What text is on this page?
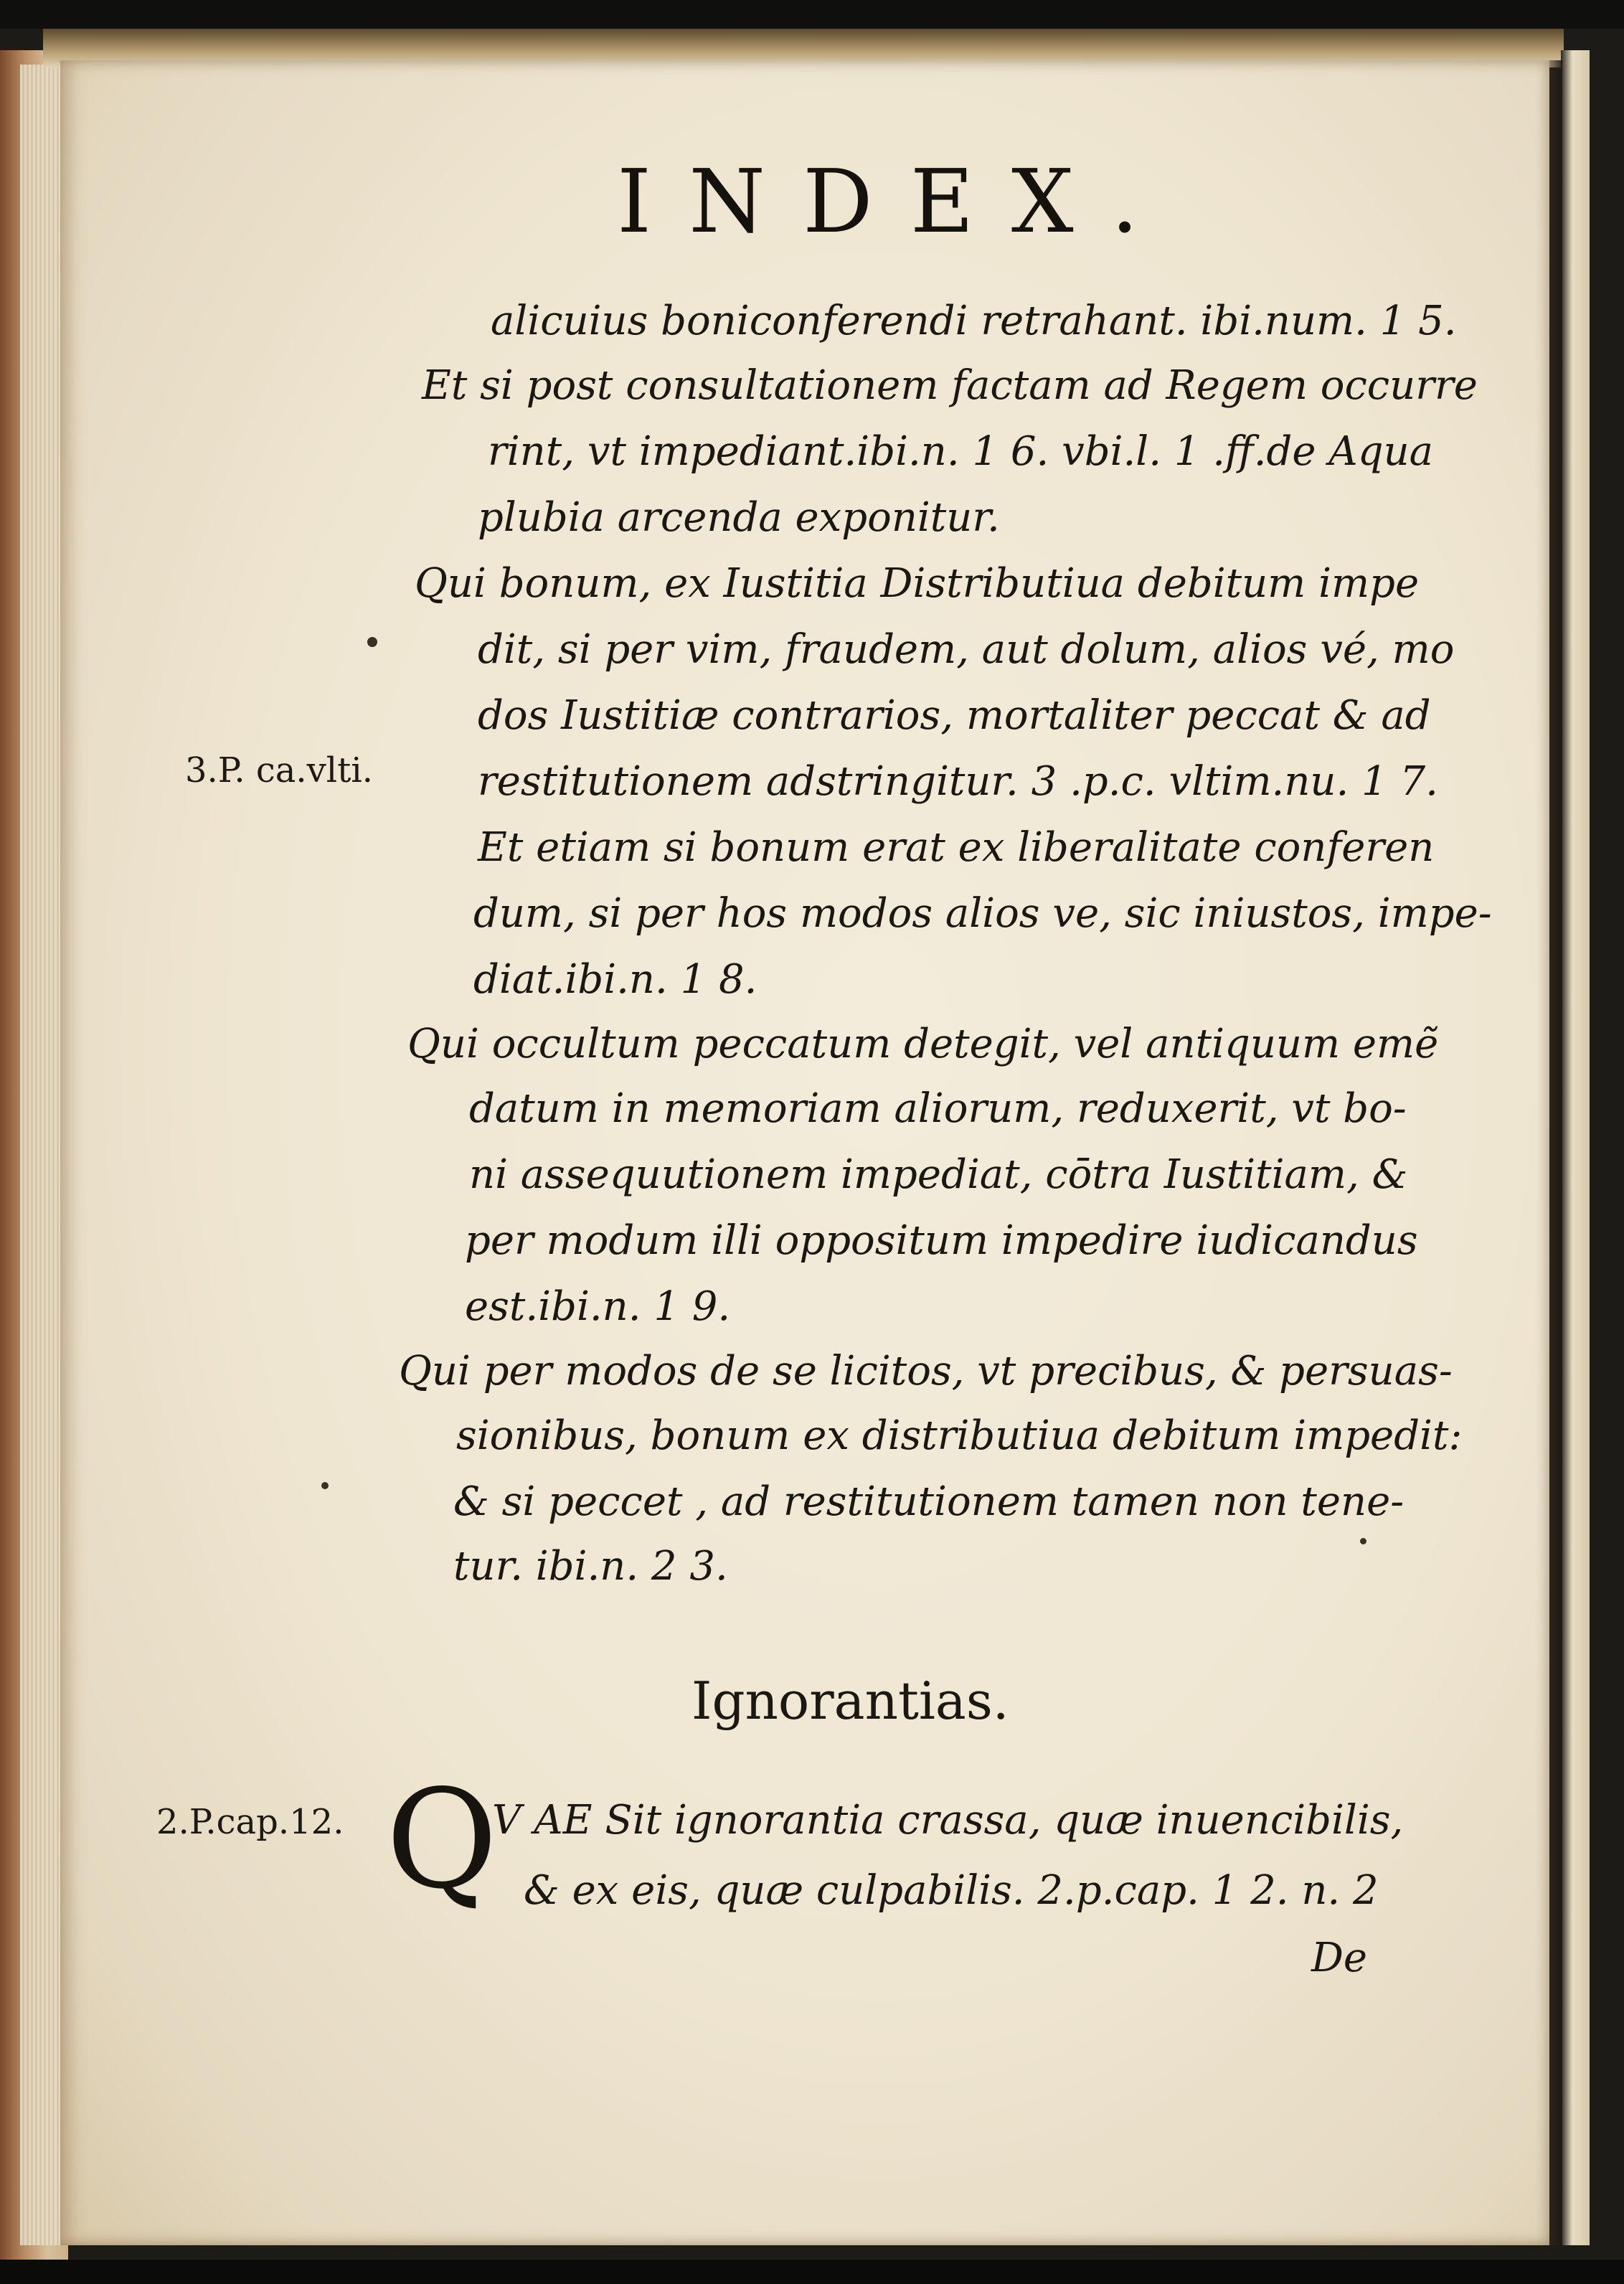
INDEX.
alicuius boniconferendi retrahant. ibi.num. 1 5.
Et si post consultationem factam ad Regem occurre
rint, vt impediant.ibi.n. 1 6. vbi.l. 1 .ff.de Aqua
plubia arcenda exponitur.
Qui bonum, ex Iustitia Distributiua debitum impe
dit, si per vim, fraudem, aut dolum, alios vé, mo
dos Iustitiæ contrarios, mortaliter peccat & ad
restitutionem adstringitur. 3 .p.c. vltim.nu. 1 7.
Et etiam si bonum erat ex liberalitate conferen
dum, si per hos modos alios ve, sic iniustos, impe-
diat.ibi.n. 1 8.
Qui occultum peccatum detegit, vel antiquum emẽ
datum in memoriam aliorum, reduxerit, vt bo-
ni assequutionem impediat, cōtra Iustitiam, &
per modum illi oppositum impedire iudicandus
est.ibi.n. 1 9.
Qui per modos de se licitos, vt precibus, & persuas-
sionibus, bonum ex distributiua debitum impedit:
& si peccet , ad restitutionem tamen non tene-
tur. ibi.n. 2 3.
3.P. ca.vlti.
2.P.cap.12.
Ignorantias.
Q
V AE Sit ignorantia crassa, quæ inuencibilis,
& ex eis, quæ culpabilis. 2.p.cap. 1 2. n. 2
De
